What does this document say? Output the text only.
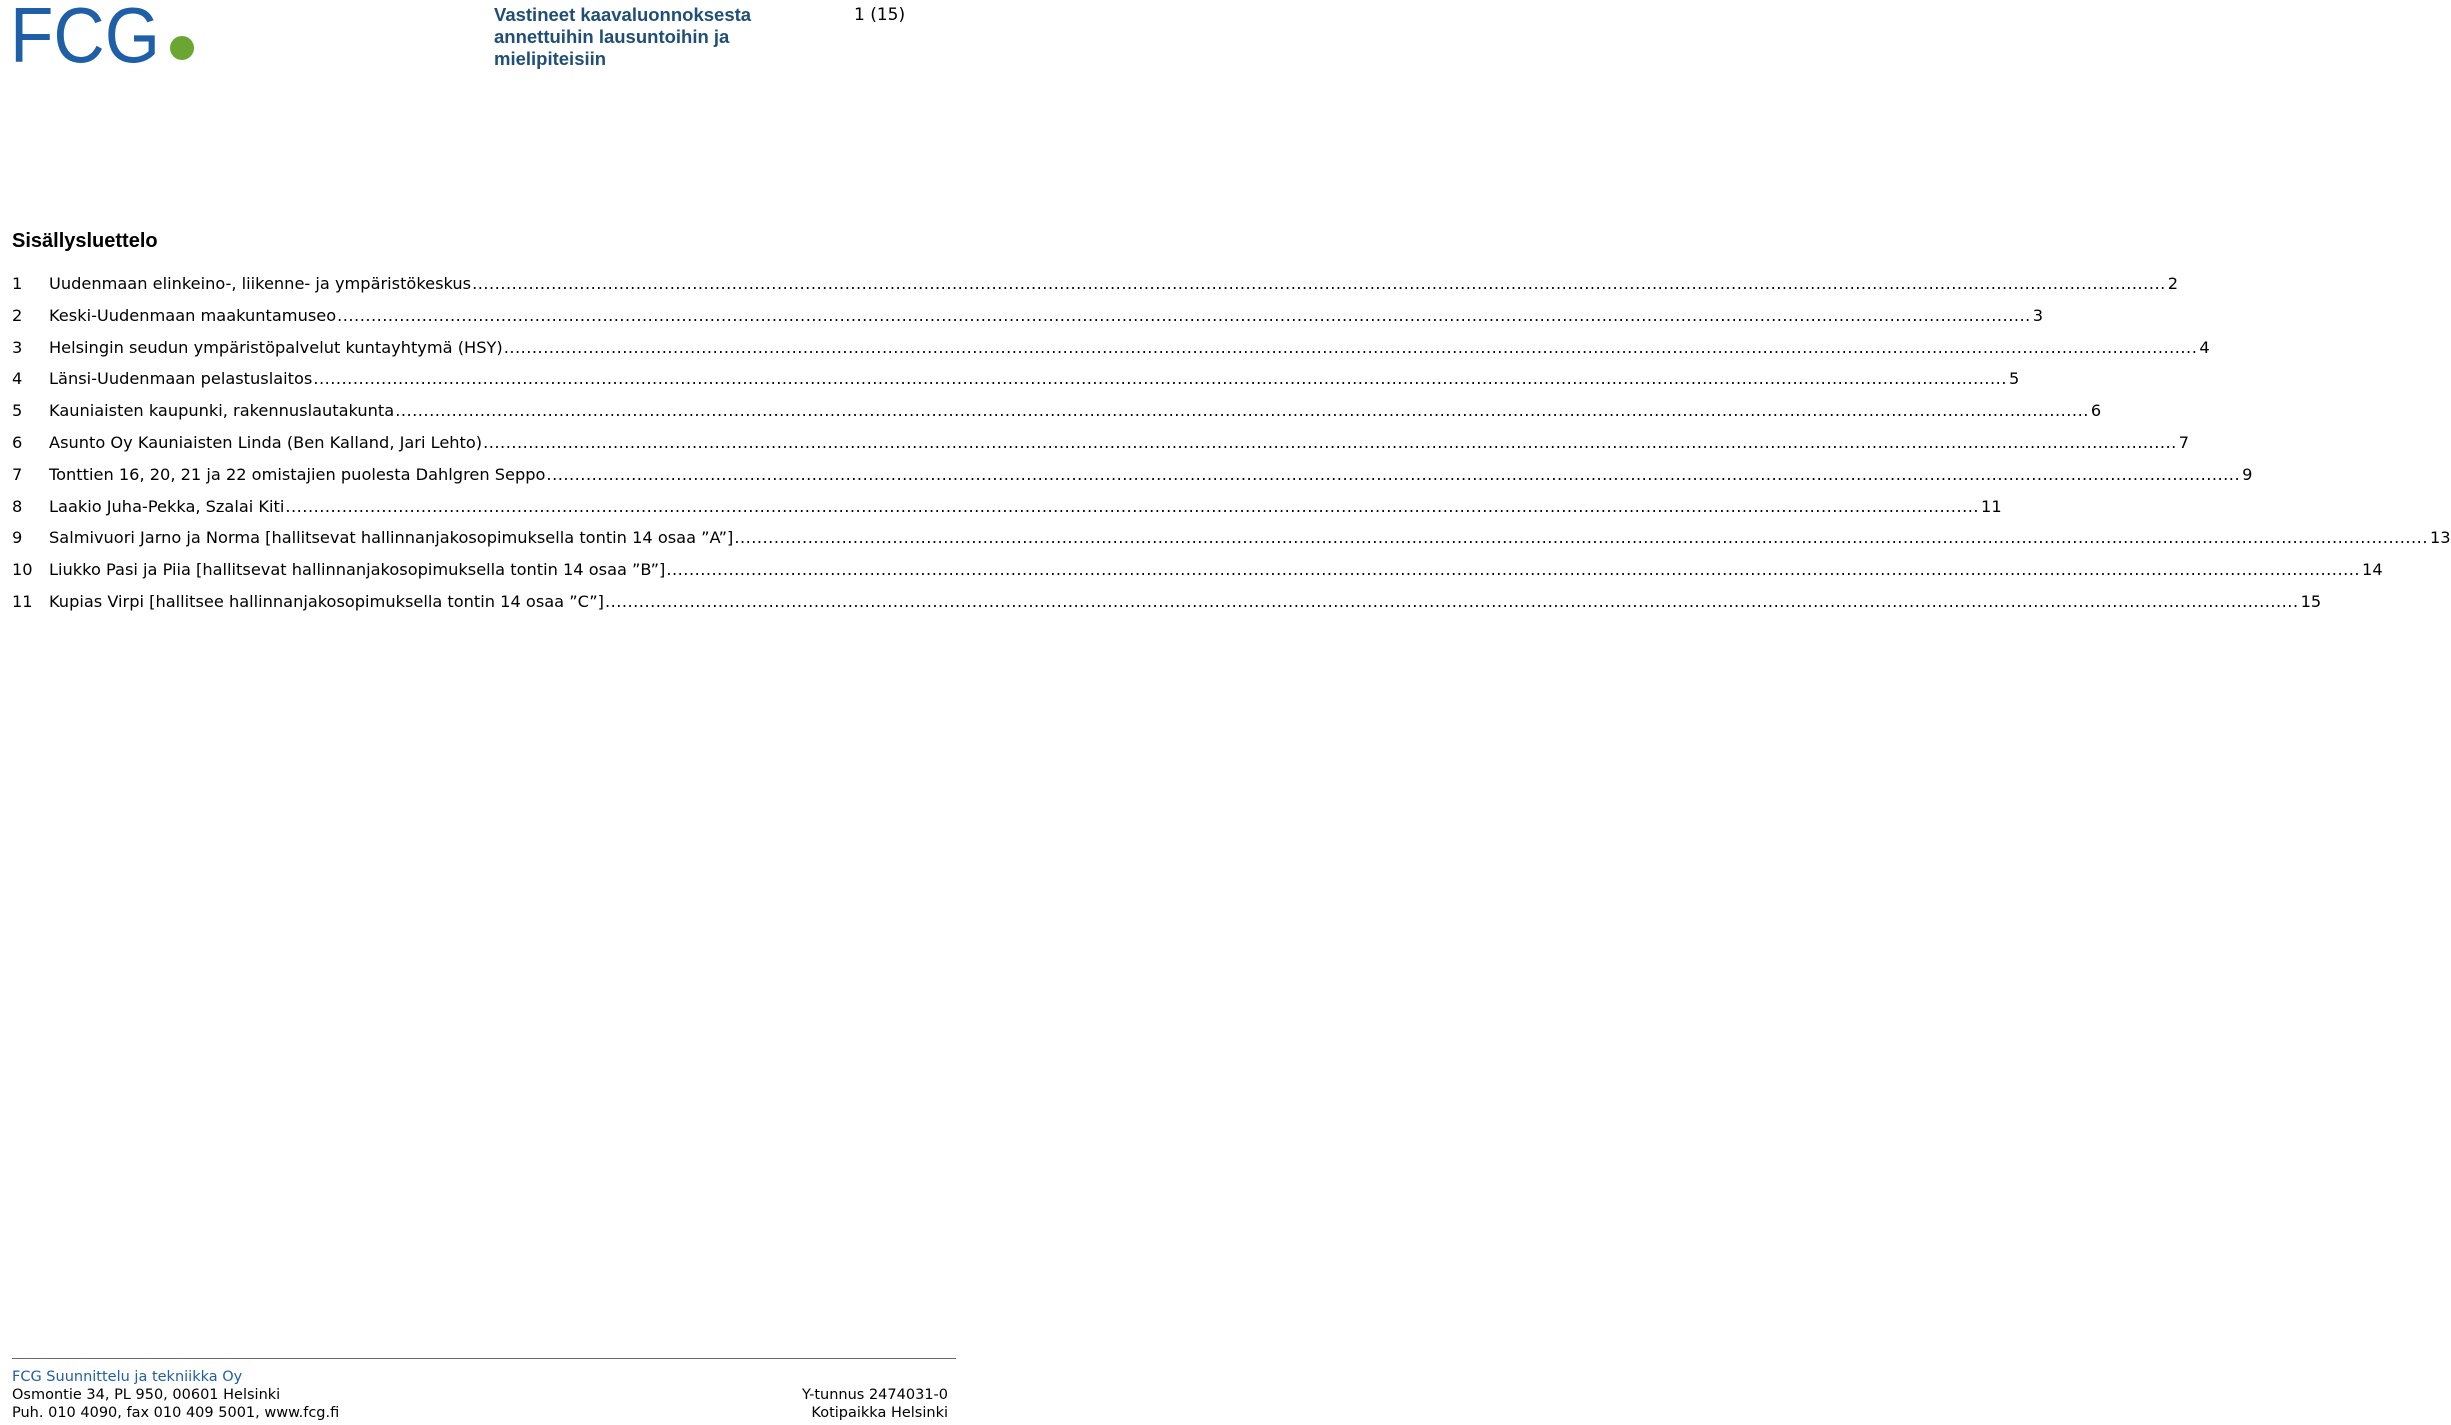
FCG	Vastineet kaavaluonnoksesta annettuihin lausuntoihin ja mielipiteisiin
1 (15)
Sisällysluettelo
1	Uudenmaan elinkeino-, liikenne- ja ympäristökeskus ............................................................................................................................................................................................................................................................................................................ 2
2	Keski-Uudenmaan maakuntamuseo ............................................................................................................................................................................................................................................................................................................ 3
3	Helsingin seudun ympäristöpalvelut kuntayhtymä (HSY) ............................................................................................................................................................................................................................................................................................................ 4
4	Länsi-Uudenmaan pelastuslaitos ............................................................................................................................................................................................................................................................................................................ 5
5	Kauniaisten kaupunki, rakennuslautakunta ............................................................................................................................................................................................................................................................................................................ 6
6	Asunto Oy Kauniaisten Linda (Ben Kalland, Jari Lehto) ............................................................................................................................................................................................................................................................................................................ 7
7	Tonttien 16, 20, 21 ja 22 omistajien puolesta Dahlgren Seppo ............................................................................................................................................................................................................................................................................................................ 9
8	Laakio Juha-Pekka, Szalai Kiti ............................................................................................................................................................................................................................................................................................................ 11
9	Salmivuori Jarno ja Norma [hallitsevat hallinnanjakosopimuksella tontin 14 osaa ”A”] ............................................................................................................................................................................................................................................................................................................ 13
10	Liukko Pasi ja Piia [hallitsevat hallinnanjakosopimuksella tontin 14 osaa ”B”] ............................................................................................................................................................................................................................................................................................................ 14
11	Kupias Virpi [hallitsee hallinnanjakosopimuksella tontin 14 osaa ”C”] ............................................................................................................................................................................................................................................................................................................ 15
FCG Suunnittelu ja tekniikka Oy
Osmontie 34, PL 950, 00601 Helsinki	Y-tunnus 2474031-0
Puh. 010 4090, fax 010 409 5001, www.fcg.fi	Kotipaikka Helsinki
